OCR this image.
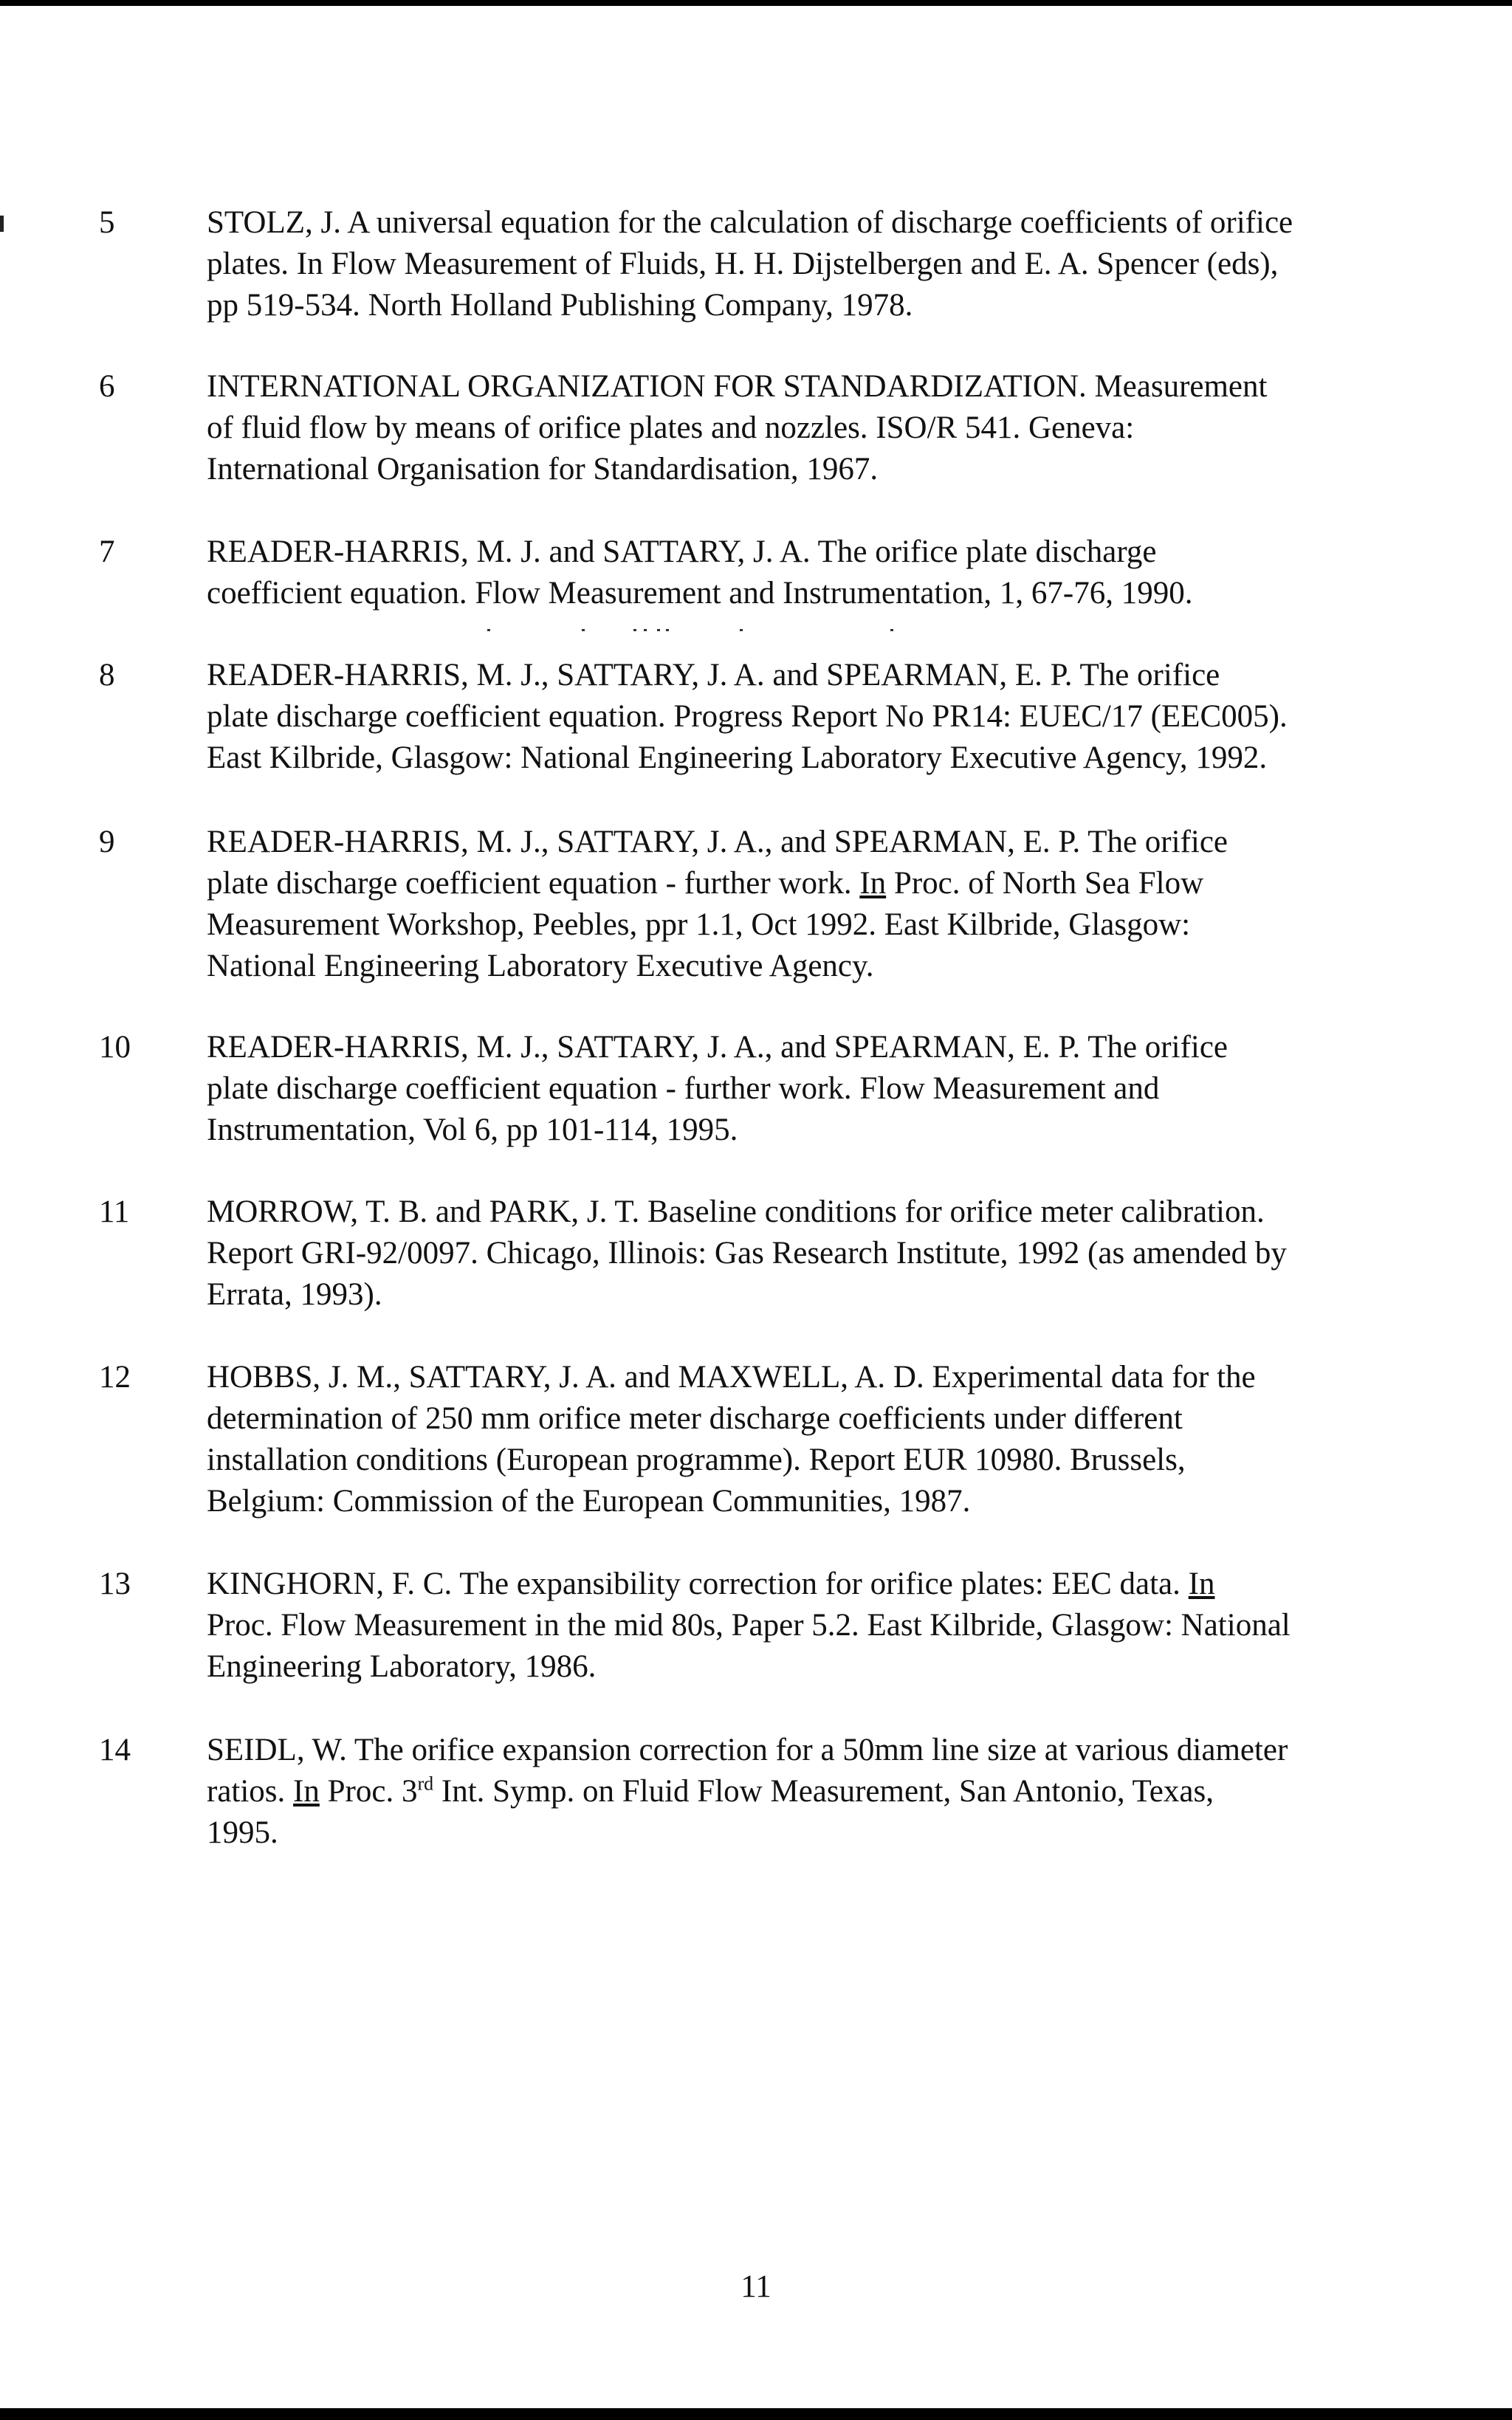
5	STOLZ, J. A universal equation for the calculation of discharge coefficients of orifice
plates. In Flow Measurement of Fluids, H. H. Dijstelbergen and E. A. Spencer (eds),
pp 519-534. North Holland Publishing Company, 1978.
6	INTERNATIONAL ORGANIZATION FOR STANDARDIZATION. Measurement
of fluid flow by means of orifice plates and nozzles. ISO/R 541. Geneva:
International Organisation for Standardisation, 1967.
7	READER-HARRIS, M. J. and SATTARY, J. A. The orifice plate discharge
coefficient equation. Flow Measurement and Instrumentation, 1, 67-76, 1990.
8	READER-HARRIS, M. J., SATTARY, J. A. and SPEARMAN, E. P. The orifice
plate discharge coefficient equation. Progress Report No PR14: EUEC/17 (EEC005).
East Kilbride, Glasgow: National Engineering Laboratory Executive Agency, 1992.
9	READER-HARRIS, M. J., SATTARY, J. A., and SPEARMAN, E. P. The orifice
plate discharge coefficient equation - further work. In Proc. of North Sea Flow
Measurement Workshop, Peebles, ppr 1.1, Oct 1992. East Kilbride, Glasgow:
National Engineering Laboratory Executive Agency.
10 READER-HARRIS, M. J., SATTARY, J. A., and SPEARMAN, E. P. The orifice
plate discharge coefficient equation - further work. Flow Measurement and
Instrumentation, Vol 6, pp 101-114, 1995.
11 MORROW, T. B. and PARK, J. T. Baseline conditions for orifice meter calibration.
Report GRI-92/0097. Chicago, Illinois: Gas Research Institute, 1992 (as amended by
Errata, 1993).
12 HOBBS, J. M., SATTARY, J. A. and MAXWELL, A. D. Experimental data for the
determination of 250 mm orifice meter discharge coefficients under different
installation conditions (European programme). Report EUR 10980. Brussels,
Belgium: Commission of the European Communities, 1987.
13 KINGHORN, F. C. The expansibility correction for orifice plates: EEC data. In
Proc. Flow Measurement in the mid 80s, Paper 5.2. East Kilbride, Glasgow: National
Engineering Laboratory, 1986.
14 SEIDL, W. The orifice expansion correction for a 50mm line size at various diameter
ratios. In Proc. 3rd Int. Symp. on Fluid Flow Measurement, San Antonio, Texas,
1995.
11
